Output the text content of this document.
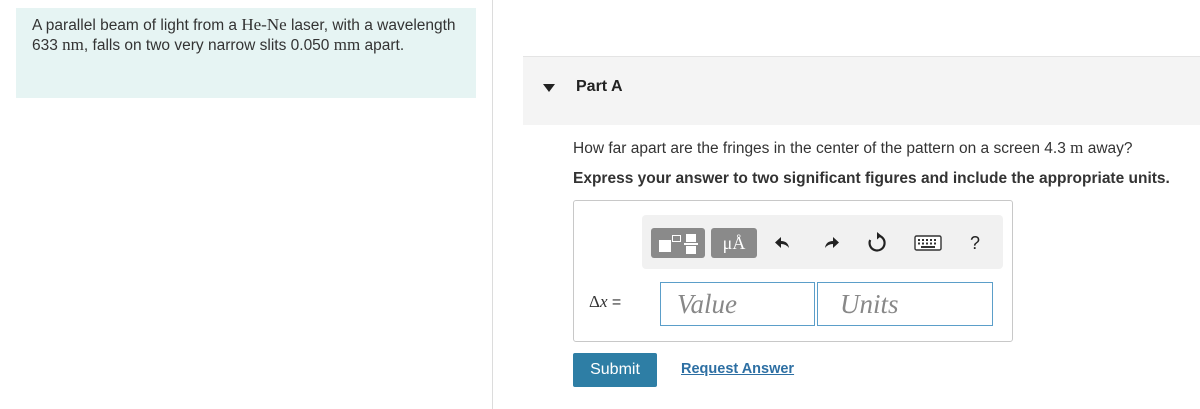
A parallel beam of light from a He-Ne laser, with a wavelength 633 nm, falls on two very narrow slits 0.050 mm apart.
Part A
How far apart are the fringes in the center of the pattern on a screen 4.3 m away?
Express your answer to two significant figures and include the appropriate units.
μÅ	?
Δx =	Value	Units
Submit	Request Answer
